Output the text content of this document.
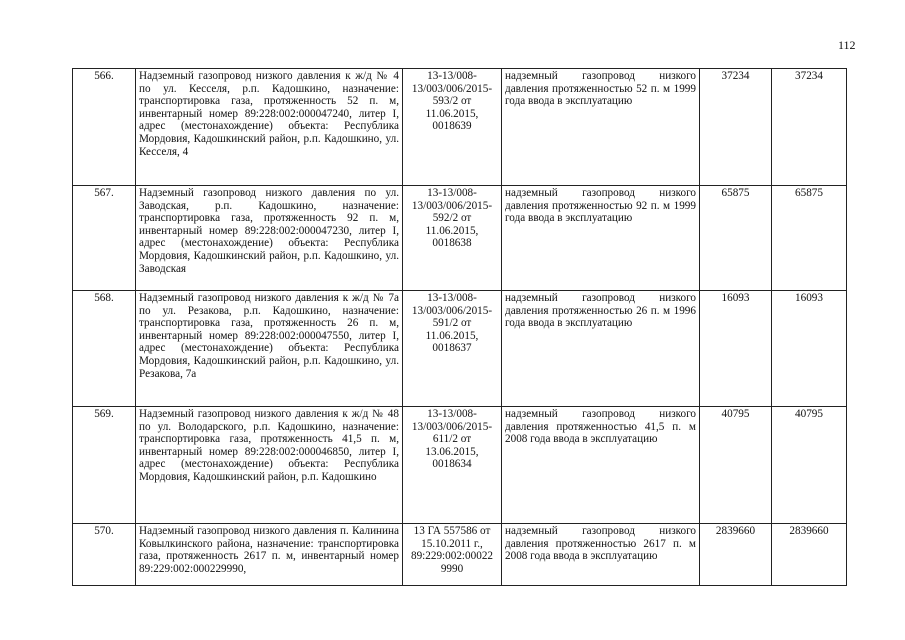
112
566.	Надземный газопровод низкого давления к ж/д № 4 по ул. Кесселя, р.п. Кадошкино, назначение: транспортировка газа, протяженность 52 п. м, инвентарный номер 89:228:002:000047240, литер I, адрес (местонахождение) объекта: Республика Мордовия, Кадошкинский район, р.п. Кадошкино, ул. Кесселя, 4	13-13/008-13/003/006/2015-593/2 от 11.06.2015, 0018639	надземный газопровод низкого давления протяженностью 52 п. м 1999 года ввода в эксплуатацию	37234	37234
567.	Надземный газопровод низкого давления по ул. Заводская, р.п. Кадошкино, назначение: транспортировка газа, протяженность 92 п. м, инвентарный номер 89:228:002:000047230, литер I, адрес (местонахождение) объекта: Республика Мордовия, Кадошкинский район, р.п. Кадошкино, ул. Заводская	13-13/008-13/003/006/2015-592/2 от 11.06.2015, 0018638	надземный газопровод низкого давления протяженностью 92 п. м 1999 года ввода в эксплуатацию	65875	65875
568.	Надземный газопровод низкого давления к ж/д № 7а по ул. Резакова, р.п. Кадошкино, назначение: транспортировка газа, протяженность 26 п. м, инвентарный номер 89:228:002:000047550, литер I, адрес (местонахождение) объекта: Республика Мордовия, Кадошкинский район, р.п. Кадошкино, ул. Резакова, 7а	13-13/008-13/003/006/2015-591/2 от 11.06.2015, 0018637	надземный газопровод низкого давления протяженностью 26 п. м 1996 года ввода в эксплуатацию	16093	16093
569.	Надземный газопровод низкого давления к ж/д № 48 по ул. Володарского, р.п. Кадошкино, назначение: транспортировка газа, протяженность 41,5 п. м, инвентарный номер 89:228:002:000046850, литер I, адрес (местонахождение) объекта: Республика Мордовия, Кадошкинский район, р.п. Кадошкино	13-13/008-13/003/006/2015-611/2 от 13.06.2015, 0018634	надземный газопровод низкого давления протяженностью 41,5 п. м 2008 года ввода в эксплуатацию	40795	40795
570.	Надземный газопровод низкого давления п. Калинина Ковылкинского района, назначение: транспортировка газа, протяженность 2617 п. м, инвентарный номер 89:229:002:000229990,	13 ГА 557586 от 15.10.2011 г., 89:229:002:00022 9990	надземный газопровод низкого давления протяженностью 2617 п. м 2008 года ввода в эксплуатацию	2839660	2839660
